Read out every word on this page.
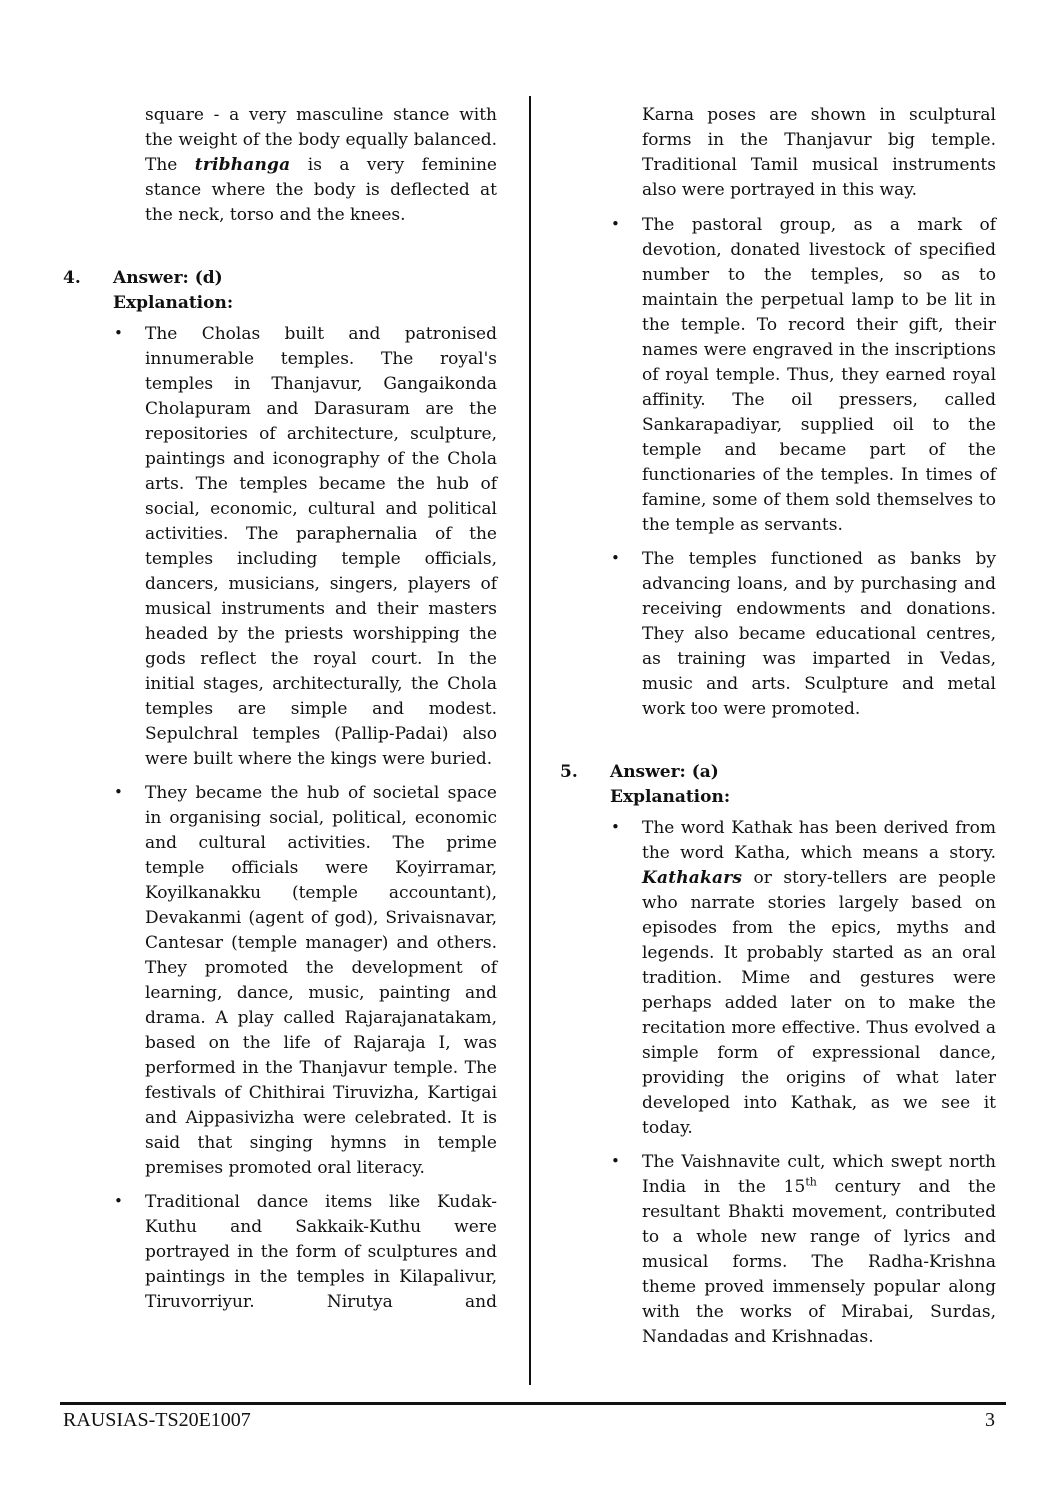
square - a very masculine stance with the weight of the body equally balanced. The tribhanga is a very feminine stance where the body is deflected at the neck, torso and the knees.

4.	Answer: (d)
Explanation:
• The Cholas built and patronised innumerable temples. The royal's temples in Thanjavur, Gangaikonda Cholapuram and Darasuram are the repositories of architecture, sculpture, paintings and iconography of the Chola arts. The temples became the hub of social, economic, cultural and political activities. The paraphernalia of the temples including temple officials, dancers, musicians, singers, players of musical instruments and their masters headed by the priests worshipping the gods reflect the royal court. In the initial stages, architecturally, the Chola temples are simple and modest. Sepulchral temples (Pallip-Padai) also were built where the kings were buried.

• They became the hub of societal space in organising social, political, economic and cultural activities. The prime temple officials were Koyirramar, Koyilkanakku (temple accountant), Devakanmi (agent of god), Srivaisnavar, Cantesar (temple manager) and others. They promoted the development of learning, dance, music, painting and drama. A play called Rajarajanatakam, based on the life of Rajaraja I, was performed in the Thanjavur temple. The festivals of Chithirai Tiruvizha, Kartigai and Aippasivizha were celebrated. It is said that singing hymns in temple premises promoted oral literacy.

• Traditional dance items like Kudak-Kuthu and Sakkaik-Kuthu were portrayed in the form of sculptures and paintings in the temples in Kilapalivur, Tiruvorriyur. Nirutya and

Karna poses are shown in sculptural forms in the Thanjavur big temple. Traditional Tamil musical instruments also were portrayed in this way.

• The pastoral group, as a mark of devotion, donated livestock of specified number to the temples, so as to maintain the perpetual lamp to be lit in the temple. To record their gift, their names were engraved in the inscriptions of royal temple. Thus, they earned royal affinity. The oil pressers, called Sankarapadiyar, supplied oil to the temple and became part of the functionaries of the temples. In times of famine, some of them sold themselves to the temple as servants.

• The temples functioned as banks by advancing loans, and by purchasing and receiving endowments and donations. They also became educational centres, as training was imparted in Vedas, music and arts. Sculpture and metal work too were promoted.

5.	Answer: (a)
Explanation:
• The word Kathak has been derived from the word Katha, which means a story. Kathakars or story-tellers are people who narrate stories largely based on episodes from the epics, myths and legends. It probably started as an oral tradition. Mime and gestures were perhaps added later on to make the recitation more effective. Thus evolved a simple form of expressional dance, providing the origins of what later developed into Kathak, as we see it today.

• The Vaishnavite cult, which swept north India in the 15th century and the resultant Bhakti movement, contributed to a whole new range of lyrics and musical forms. The Radha-Krishna theme proved immensely popular along with the works of Mirabai, Surdas, Nandadas and Krishnadas.

RAUSIAS-TS20E1007	3
